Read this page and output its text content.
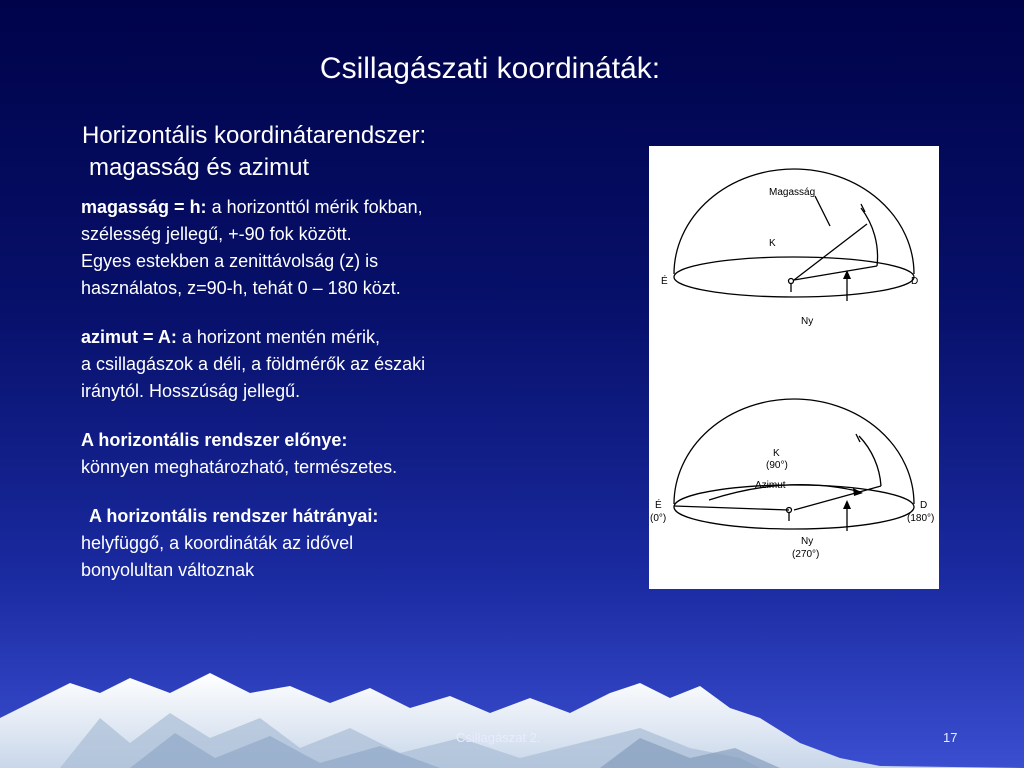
Csillagászati koordináták:
Horizontális koordinátarendszer:
magasság és azimut

magasság = h: a horizonttól mérik fokban,

szélesség jellegű, +-90 fok között.

Egyes estekben a zenittávolság (z) is

használatos, z=90-h, tehát 0 – 180 közt.

azimut = A: a horizont mentén mérik,

a csillagászok a déli, a földmérők az északi

iránytól. Hosszúság jellegű.

A horizontális rendszer előnye:

könnyen meghatározható, természetes.

A horizontális rendszer hátrányai:

helyfüggő, a koordináták az idővel

bonyolultan változnak

Magasság
K
É	D
Ny
K
(90°)
Azimut
É
(0°)
D
(180°)
Ny
(270°)
Csillagászat 2.	17
